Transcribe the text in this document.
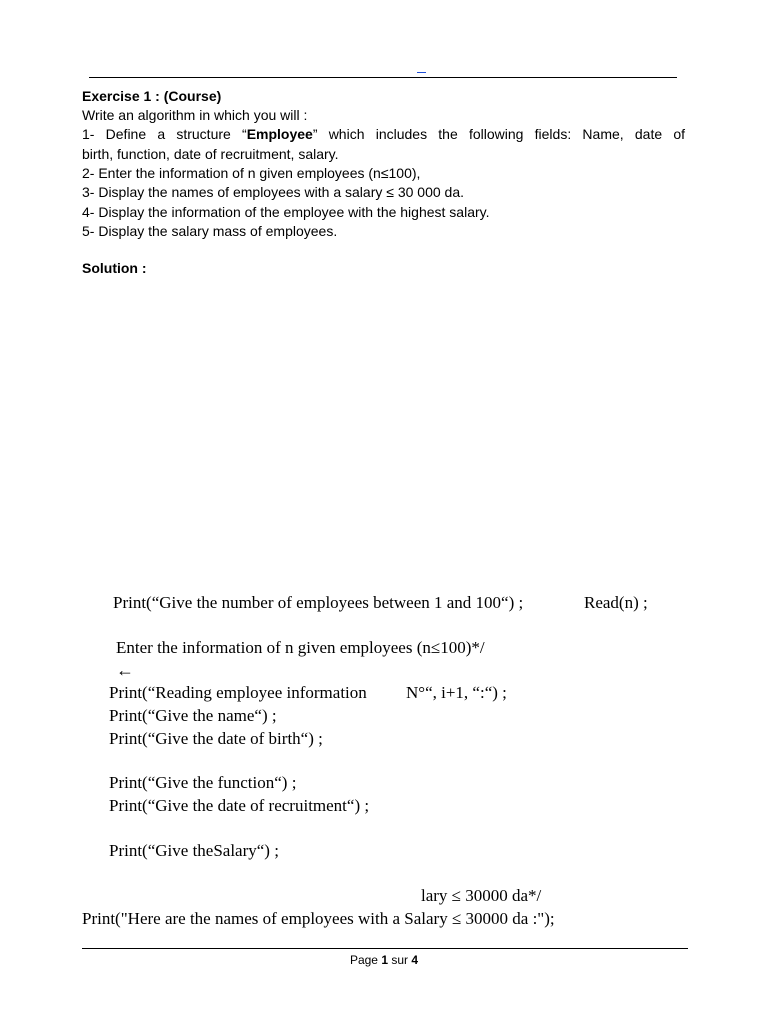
Exercise 1 : (Course)
Write an algorithm in which you will :
1- Define a structure “Employee” which includes the following fields: Name, date of
birth, function, date of recruitment, salary.
2- Enter the information of n given employees (n≤100),
3- Display the names of employees with a salary ≤ 30 000 da.
4- Display the information of the employee with the highest salary.
5- Display the salary mass of employees.
Solution :
Print(“Give the number of employees between 1 and 100“) ;	Read(n) ;
Enter the information of n given employees (n≤100)*/
←
Print(“Reading employee information N°“, i+1, “:“) ;
Print(“Give the name“) ;
Print(“Give the date of birth“) ;
Print(“Give the function“) ;
Print(“Give the date of recruitment“) ;
Print(“Give theSalary“) ;
lary ≤ 30000 da*/
Print("Here are the names of employees with a Salary ≤ 30000 da :");
Page 1 sur 4
